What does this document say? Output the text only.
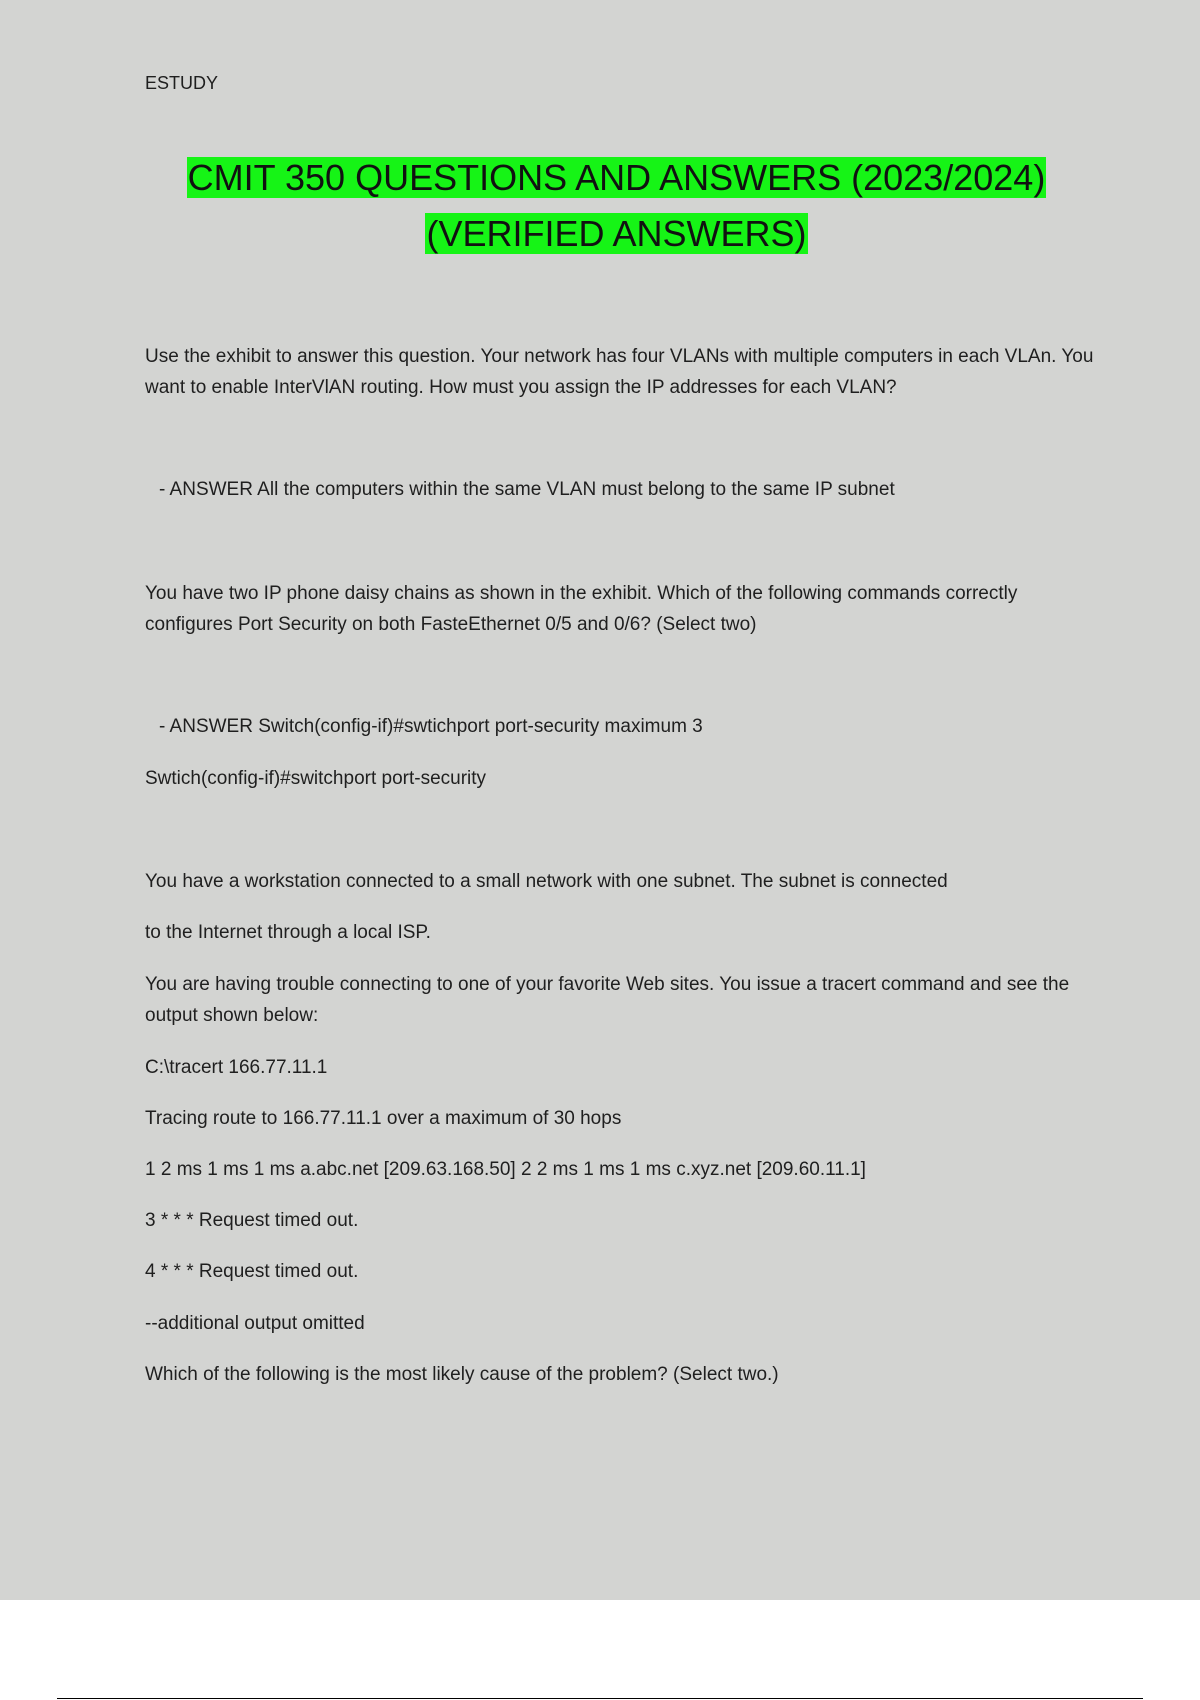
ESTUDY
CMIT 350 QUESTIONS AND ANSWERS (2023/2024)
(VERIFIED ANSWERS)
Use the exhibit to answer this question. Your network has four VLANs with multiple computers in each VLAn. You want to enable InterVlAN routing. How must you assign the IP addresses for each VLAN?
- ANSWER All the computers within the same VLAN must belong to the same IP subnet
You have two IP phone daisy chains as shown in the exhibit. Which of the following commands correctly configures Port Security on both FasteEthernet 0/5 and 0/6? (Select two)
- ANSWER Switch(config-if)#swtichport port-security maximum 3
Swtich(config-if)#switchport port-security
You have a workstation connected to a small network with one subnet. The subnet is connected
to the Internet through a local ISP.
You are having trouble connecting to one of your favorite Web sites. You issue a tracert command and see the output shown below:
C:\tracert 166.77.11.1
Tracing route to 166.77.11.1 over a maximum of 30 hops
1 2 ms 1 ms 1 ms a.abc.net [209.63.168.50] 2 2 ms 1 ms 1 ms c.xyz.net [209.60.11.1]
3 * * * Request timed out.
4 * * * Request timed out.
--additional output omitted
Which of the following is the most likely cause of the problem? (Select two.)
